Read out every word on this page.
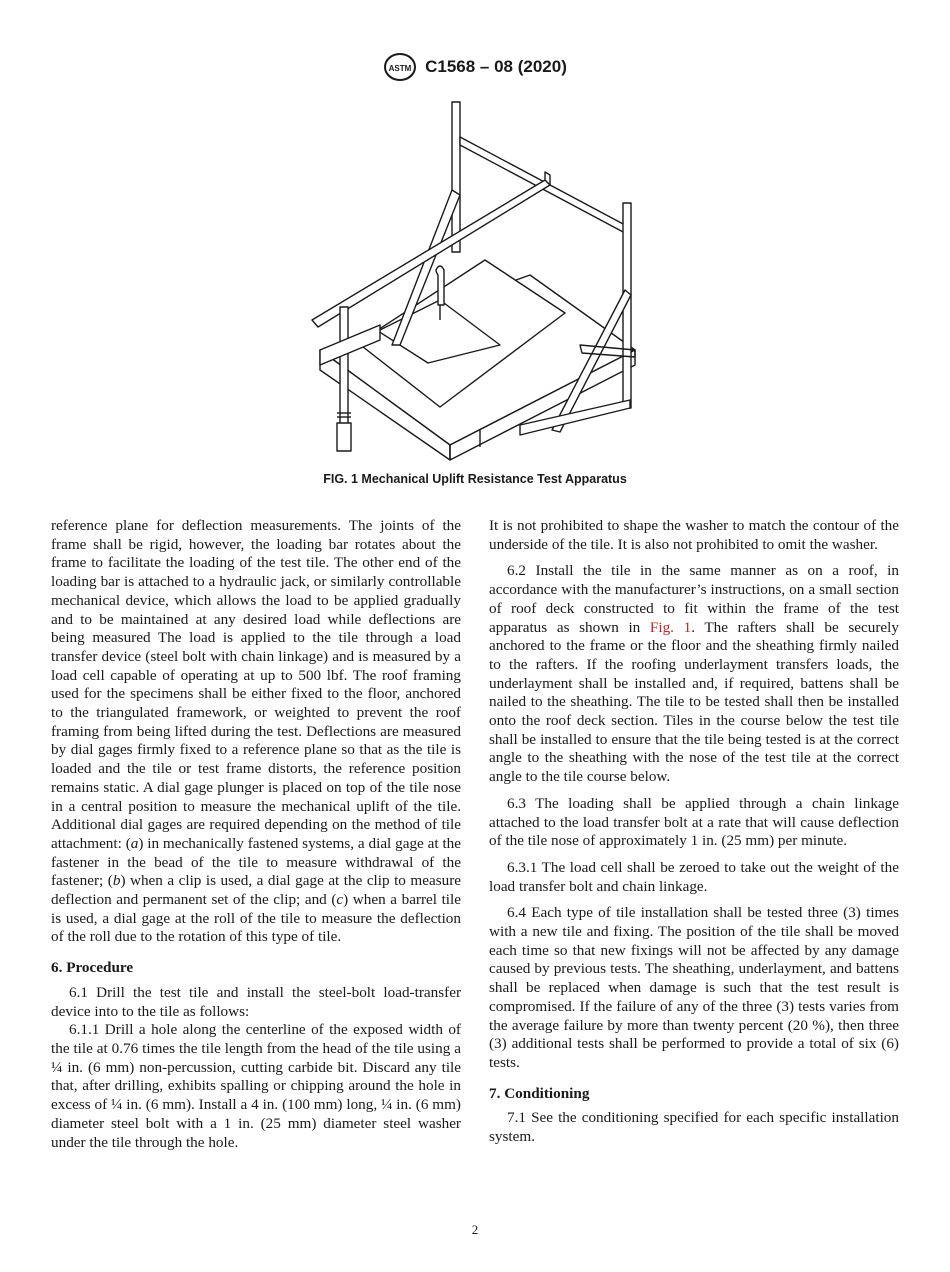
ASTM C1568 – 08 (2020)
FIG. 1 Mechanical Uplift Resistance Test Apparatus

reference plane for deflection measurements. The joints of the frame shall be rigid, however, the loading bar rotates about the frame to facilitate the loading of the test tile. The other end of the loading bar is attached to a hydraulic jack, or similarly controllable mechanical device, which allows the load to be applied gradually and to be maintained at any desired load while deflections are being measured The load is applied to the tile through a load transfer device (steel bolt with chain linkage) and is measured by a load cell capable of operating at up to 500 lbf. The roof framing used for the specimens shall be either fixed to the floor, anchored to the triangulated framework, or weighted to prevent the roof framing from being lifted during the test. Deflections are measured by dial gages firmly fixed to a reference plane so that as the tile is loaded and the tile or test frame distorts, the reference position remains static. A dial gage plunger is placed on top of the tile nose in a central position to measure the mechanical uplift of the tile. Additional dial gages are required depending on the method of tile attachment: (a) in mechanically fastened systems, a dial gage at the fastener in the bead of the tile to measure withdrawal of the fastener; (b) when a clip is used, a dial gage at the clip to measure deflection and permanent set of the clip; and (c) when a barrel tile is used, a dial gage at the roll of the tile to measure the deflection of the roll due to the rotation of this type of tile.

6. Procedure

6.1 Drill the test tile and install the steel-bolt load-transfer device into to the tile as follows:

6.1.1 Drill a hole along the centerline of the exposed width of the tile at 0.76 times the tile length from the head of the tile using a ¼ in. (6 mm) non-percussion, cutting carbide bit. Discard any tile that, after drilling, exhibits spalling or chipping around the hole in excess of ¼ in. (6 mm). Install a 4 in. (100 mm) long, ¼ in. (6 mm) diameter steel bolt with a 1 in. (25 mm) diameter steel washer under the tile through the hole.

It is not prohibited to shape the washer to match the contour of the underside of the tile. It is also not prohibited to omit the washer.

6.2 Install the tile in the same manner as on a roof, in accordance with the manufacturer’s instructions, on a small section of roof deck constructed to fit within the frame of the test apparatus as shown in Fig. 1. The rafters shall be securely anchored to the frame or the floor and the sheathing firmly nailed to the rafters. If the roofing underlayment transfers loads, the underlayment shall be installed and, if required, battens shall be nailed to the sheathing. The tile to be tested shall then be installed onto the roof deck section. Tiles in the course below the test tile shall be installed to ensure that the tile being tested is at the correct angle to the sheathing with the nose of the test tile at the correct angle to the tile course below.

6.3 The loading shall be applied through a chain linkage attached to the load transfer bolt at a rate that will cause deflection of the tile nose of approximately 1 in. (25 mm) per minute.

6.3.1 The load cell shall be zeroed to take out the weight of the load transfer bolt and chain linkage.

6.4 Each type of tile installation shall be tested three (3) times with a new tile and fixing. The position of the tile shall be moved each time so that new fixings will not be affected by any damage caused by previous tests. The sheathing, underlayment, and battens shall be replaced when damage is such that the test result is compromised. If the failure of any of the three (3) tests varies from the average failure by more than twenty percent (20 %), then three (3) additional tests shall be performed to provide a total of six (6) tests.

7. Conditioning

7.1 See the conditioning specified for each specific installation system.

2
